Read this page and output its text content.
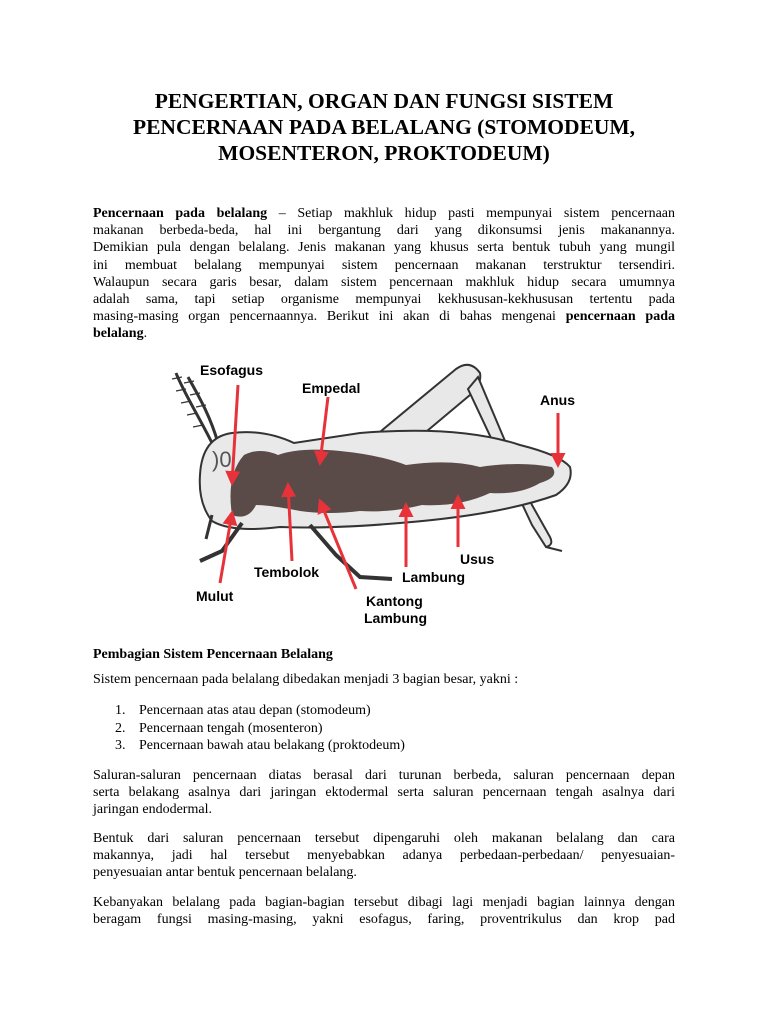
PENGERTIAN, ORGAN DAN FUNGSI SISTEM
PENCERNAAN PADA BELALANG (STOMODEUM,
MOSENTERON, PROKTODEUM)
Pencernaan pada belalang – Setiap makhluk hidup pasti mempunyai sistem pencernaan
makanan berbeda-beda, hal ini bergantung dari yang dikonsumsi jenis makanannya.
Demikian pula dengan belalang. Jenis makanan yang khusus serta bentuk tubuh yang mungil
ini membuat belalang mempunyai sistem pencernaan makanan terstruktur tersendiri.
Walaupun secara garis besar, dalam sistem pencernaan makhluk hidup secara umumnya
adalah sama, tapi setiap organisme mempunyai kekhususan-kekhususan tertentu pada
masing-masing organ pencernaannya. Berikut ini akan di bahas mengenai pencernaan pada
belalang.
)0
Esofagus
Empedal
Anus
Usus
Tembolok	Lambung
Mulut	Kantong
Lambung
Pembagian Sistem Pencernaan Belalang
Sistem pencernaan pada belalang dibedakan menjadi 3 bagian besar, yakni :
1. Pencernaan atas atau depan (stomodeum)
2. Pencernaan tengah (mosenteron)
3. Pencernaan bawah atau belakang (proktodeum)
Saluran-saluran pencernaan diatas berasal dari turunan berbeda, saluran pencernaan depan
serta belakang asalnya dari jaringan ektodermal serta saluran pencernaan tengah asalnya dari
jaringan endodermal.
Bentuk dari saluran pencernaan tersebut dipengaruhi oleh makanan belalang dan cara
makannya, jadi hal tersebut menyebabkan adanya perbedaan-perbedaan/ penyesuaian-
penyesuaian antar bentuk pencernaan belalang.
Kebanyakan belalang pada bagian-bagian tersebut dibagi lagi menjadi bagian lainnya dengan
beragam fungsi masing-masing, yakni esofagus, faring, proventrikulus dan krop pad
